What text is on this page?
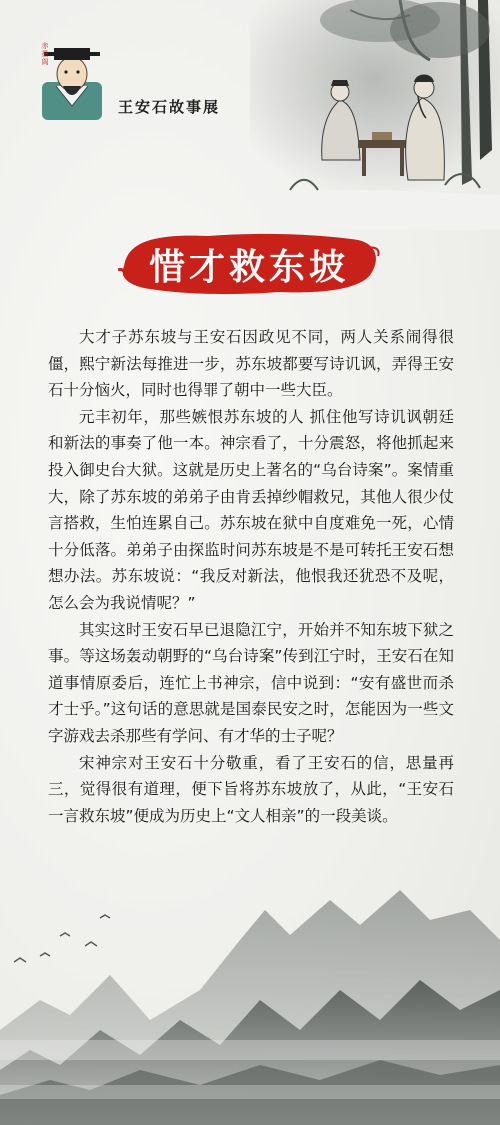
赤墨阁
王安石故事展
惜才救东坡

大才子苏东坡与王安石因政见不同，两人关系闹得很僵，熙宁新法每推进一步，苏东坡都要写诗讥讽，弄得王安石十分恼火，同时也得罪了朝中一些大臣。

元丰初年，那些嫉恨苏东坡的人 抓住他写诗讥讽朝廷和新法的事奏了他一本。神宗看了，十分震怒，将他抓起来投入御史台大狱。这就是历史上著名的“乌台诗案”。案情重大，除了苏东坡的弟弟子由肯丢掉纱帽救兄，其他人很少仗言搭救，生怕连累自己。苏东坡在狱中自度难免一死，心情十分低落。弟弟子由探监时问苏东坡是不是可转托王安石想想办法。苏东坡说：“我反对新法，他恨我还犹恐不及呢，怎么会为我说情呢？”

其实这时王安石早已退隐江宁，开始并不知东坡下狱之事。等这场轰动朝野的“乌台诗案”传到江宁时，王安石在知道事情原委后，连忙上书神宗，信中说到：“安有盛世而杀才士乎。”这句话的意思就是国泰民安之时，怎能因为一些文字游戏去杀那些有学问、有才华的士子呢？

宋神宗对王安石十分敬重，看了王安石的信，思量再三，觉得很有道理，便下旨将苏东坡放了，从此，“王安石一言救东坡”便成为历史上“文人相亲”的一段美谈。
